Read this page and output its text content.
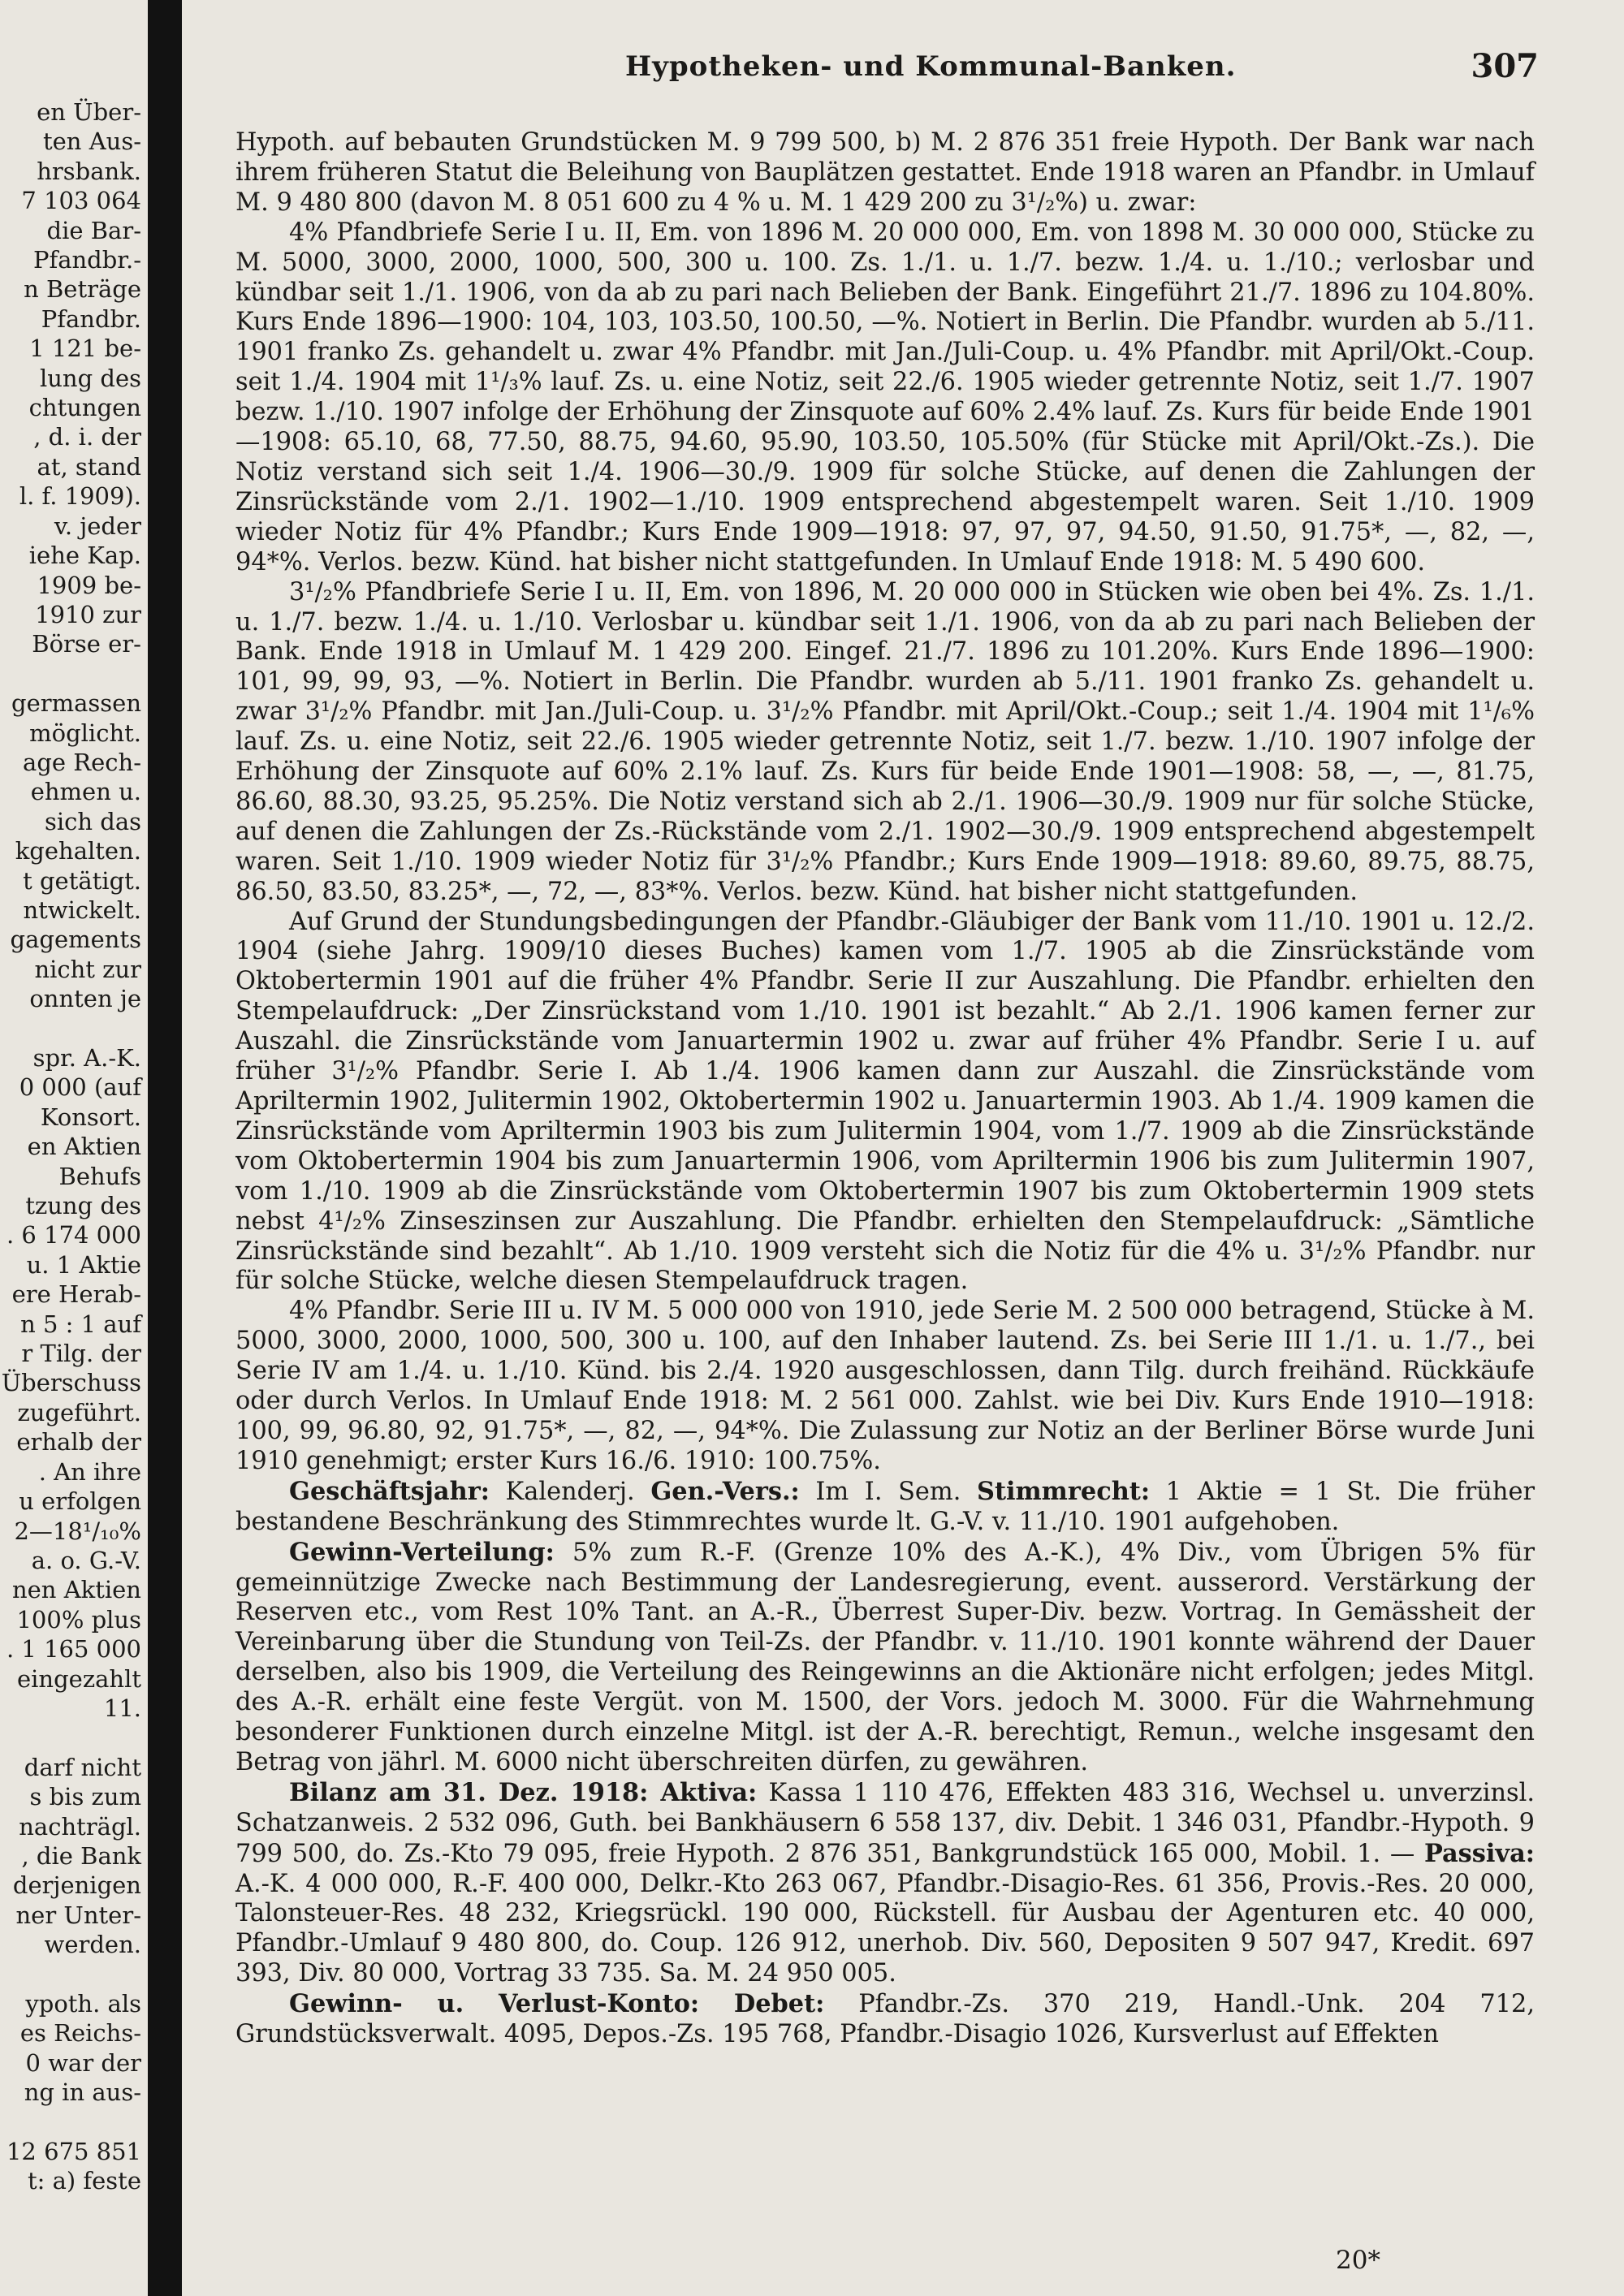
en Über-
ten Aus-
hrsbank.
7 103 064
die Bar-
Pfandbr.-
n Beträge
Pfandbr.
1 121 be-
lung des
chtungen
, d. i. der
at, stand
l. f. 1909).
v. jeder
iehe Kap.
1909 be-
1910 zur
Börse er-

germassen
möglicht.
age Rech-
ehmen u.
sich das
kgehalten.
t getätigt.
ntwickelt.
gagements
nicht zur
onnten je

spr. A.-K.
0 000 (auf
Konsort.
en Aktien
Behufs
tzung des
. 6 174 000
u. 1 Aktie
ere Herab-
n 5 : 1 auf
r Tilg. der
Überschuss
zugeführt.
erhalb der
. An ihre
u erfolgen
2—18¹/₁₀%
a. o. G.-V.
nen Aktien
100% plus
. 1 165 000
eingezahlt
11.

darf nicht
s bis zum
nachträgl.
, die Bank
derjenigen
ner Unter-
werden.

ypoth. als
es Reichs-
0 war der
ng in aus-

12 675 851
t: a) feste
Hypotheken- und Kommunal-Banken.	307

Hypoth. auf bebauten Grundstücken M. 9 799 500, b) M. 2 876 351 freie Hypoth. Der Bank war nach ihrem früheren Statut die Beleihung von Bauplätzen gestattet. Ende 1918 waren an Pfandbr. in Umlauf M. 9 480 800 (davon M. 8 051 600 zu 4 % u. M. 1 429 200 zu 3¹/₂%) u. zwar:

4% Pfandbriefe Serie I u. II, Em. von 1896 M. 20 000 000, Em. von 1898 M. 30 000 000, Stücke zu M. 5000, 3000, 2000, 1000, 500, 300 u. 100. Zs. 1./1. u. 1./7. bezw. 1./4. u. 1./10.; verlosbar und kündbar seit 1./1. 1906, von da ab zu pari nach Belieben der Bank. Eingeführt 21./7. 1896 zu 104.80%. Kurs Ende 1896—1900: 104, 103, 103.50, 100.50, —%. Notiert in Berlin. Die Pfandbr. wurden ab 5./11. 1901 franko Zs. gehandelt u. zwar 4% Pfandbr. mit Jan./Juli-Coup. u. 4% Pfandbr. mit April/Okt.-Coup. seit 1./4. 1904 mit 1¹/₃% lauf. Zs. u. eine Notiz, seit 22./6. 1905 wieder getrennte Notiz, seit 1./7. 1907 bezw. 1./10. 1907 infolge der Erhöhung der Zinsquote auf 60% 2.4% lauf. Zs. Kurs für beide Ende 1901—1908: 65.10, 68, 77.50, 88.75, 94.60, 95.90, 103.50, 105.50% (für Stücke mit April/Okt.-Zs.). Die Notiz verstand sich seit 1./4. 1906—30./9. 1909 für solche Stücke, auf denen die Zahlungen der Zinsrückstände vom 2./1. 1902—1./10. 1909 entsprechend abgestempelt waren. Seit 1./10. 1909 wieder Notiz für 4% Pfandbr.; Kurs Ende 1909—1918: 97, 97, 97, 94.50, 91.50, 91.75*, —, 82, —, 94*%. Verlos. bezw. Künd. hat bisher nicht stattgefunden. In Umlauf Ende 1918: M. 5 490 600.

3¹/₂% Pfandbriefe Serie I u. II, Em. von 1896, M. 20 000 000 in Stücken wie oben bei 4%. Zs. 1./1. u. 1./7. bezw. 1./4. u. 1./10. Verlosbar u. kündbar seit 1./1. 1906, von da ab zu pari nach Belieben der Bank. Ende 1918 in Umlauf M. 1 429 200. Eingef. 21./7. 1896 zu 101.20%. Kurs Ende 1896—1900: 101, 99, 99, 93, —%. Notiert in Berlin. Die Pfandbr. wurden ab 5./11. 1901 franko Zs. gehandelt u. zwar 3¹/₂% Pfandbr. mit Jan./Juli-Coup. u. 3¹/₂% Pfandbr. mit April/Okt.-Coup.; seit 1./4. 1904 mit 1¹/₆% lauf. Zs. u. eine Notiz, seit 22./6. 1905 wieder getrennte Notiz, seit 1./7. bezw. 1./10. 1907 infolge der Erhöhung der Zinsquote auf 60% 2.1% lauf. Zs. Kurs für beide Ende 1901—1908: 58, —, —, 81.75, 86.60, 88.30, 93.25, 95.25%. Die Notiz verstand sich ab 2./1. 1906—30./9. 1909 nur für solche Stücke, auf denen die Zahlungen der Zs.-Rückstände vom 2./1. 1902—30./9. 1909 entsprechend abgestempelt waren. Seit 1./10. 1909 wieder Notiz für 3¹/₂% Pfandbr.; Kurs Ende 1909—1918: 89.60, 89.75, 88.75, 86.50, 83.50, 83.25*, —, 72, —, 83*%. Verlos. bezw. Künd. hat bisher nicht stattgefunden.

Auf Grund der Stundungsbedingungen der Pfandbr.-Gläubiger der Bank vom 11./10. 1901 u. 12./2. 1904 (siehe Jahrg. 1909/10 dieses Buches) kamen vom 1./7. 1905 ab die Zinsrückstände vom Oktobertermin 1901 auf die früher 4% Pfandbr. Serie II zur Auszahlung. Die Pfandbr. erhielten den Stempelaufdruck: „Der Zinsrückstand vom 1./10. 1901 ist bezahlt.“ Ab 2./1. 1906 kamen ferner zur Auszahl. die Zinsrückstände vom Januartermin 1902 u. zwar auf früher 4% Pfandbr. Serie I u. auf früher 3¹/₂% Pfandbr. Serie I. Ab 1./4. 1906 kamen dann zur Auszahl. die Zinsrückstände vom Apriltermin 1902, Julitermin 1902, Oktobertermin 1902 u. Januartermin 1903. Ab 1./4. 1909 kamen die Zinsrückstände vom Apriltermin 1903 bis zum Julitermin 1904, vom 1./7. 1909 ab die Zinsrückstände vom Oktobertermin 1904 bis zum Januartermin 1906, vom Apriltermin 1906 bis zum Julitermin 1907, vom 1./10. 1909 ab die Zinsrückstände vom Oktobertermin 1907 bis zum Oktobertermin 1909 stets nebst 4¹/₂% Zinseszinsen zur Auszahlung. Die Pfandbr. erhielten den Stempelaufdruck: „Sämtliche Zinsrückstände sind bezahlt“. Ab 1./10. 1909 versteht sich die Notiz für die 4% u. 3¹/₂% Pfandbr. nur für solche Stücke, welche diesen Stempelaufdruck tragen.

4% Pfandbr. Serie III u. IV M. 5 000 000 von 1910, jede Serie M. 2 500 000 betragend, Stücke à M. 5000, 3000, 2000, 1000, 500, 300 u. 100, auf den Inhaber lautend. Zs. bei Serie III 1./1. u. 1./7., bei Serie IV am 1./4. u. 1./10. Künd. bis 2./4. 1920 ausgeschlossen, dann Tilg. durch freihänd. Rückkäufe oder durch Verlos. In Umlauf Ende 1918: M. 2 561 000. Zahlst. wie bei Div. Kurs Ende 1910—1918: 100, 99, 96.80, 92, 91.75*, —, 82, —, 94*%. Die Zulassung zur Notiz an der Berliner Börse wurde Juni 1910 genehmigt; erster Kurs 16./6. 1910: 100.75%.

Geschäftsjahr: Kalenderj. Gen.-Vers.: Im I. Sem. Stimmrecht: 1 Aktie = 1 St. Die früher bestandene Beschränkung des Stimmrechtes wurde lt. G.-V. v. 11./10. 1901 aufgehoben.

Gewinn-Verteilung: 5% zum R.-F. (Grenze 10% des A.-K.), 4% Div., vom Übrigen 5% für gemeinnützige Zwecke nach Bestimmung der Landesregierung, event. ausserord. Verstärkung der Reserven etc., vom Rest 10% Tant. an A.-R., Überrest Super-Div. bezw. Vortrag. In Gemässheit der Vereinbarung über die Stundung von Teil-Zs. der Pfandbr. v. 11./10. 1901 konnte während der Dauer derselben, also bis 1909, die Verteilung des Reingewinns an die Aktionäre nicht erfolgen; jedes Mitgl. des A.-R. erhält eine feste Vergüt. von M. 1500, der Vors. jedoch M. 3000. Für die Wahrnehmung besonderer Funktionen durch einzelne Mitgl. ist der A.-R. berechtigt, Remun., welche insgesamt den Betrag von jährl. M. 6000 nicht überschreiten dürfen, zu gewähren.

Bilanz am 31. Dez. 1918: Aktiva: Kassa 1 110 476, Effekten 483 316, Wechsel u. unverzinsl. Schatzanweis. 2 532 096, Guth. bei Bankhäusern 6 558 137, div. Debit. 1 346 031, Pfandbr.-Hypoth. 9 799 500, do. Zs.-Kto 79 095, freie Hypoth. 2 876 351, Bankgrundstück 165 000, Mobil. 1. — Passiva: A.-K. 4 000 000, R.-F. 400 000, Delkr.-Kto 263 067, Pfandbr.-Disagio-Res. 61 356, Provis.-Res. 20 000, Talonsteuer-Res. 48 232, Kriegsrückl. 190 000, Rückstell. für Ausbau der Agenturen etc. 40 000, Pfandbr.-Umlauf 9 480 800, do. Coup. 126 912, unerhob. Div. 560, Depositen 9 507 947, Kredit. 697 393, Div. 80 000, Vortrag 33 735. Sa. M. 24 950 005.

Gewinn- u. Verlust-Konto: Debet: Pfandbr.-Zs. 370 219, Handl.-Unk. 204 712, Grundstücksverwalt. 4095, Depos.-Zs. 195 768, Pfandbr.-Disagio 1026, Kursverlust auf Effekten

20*
